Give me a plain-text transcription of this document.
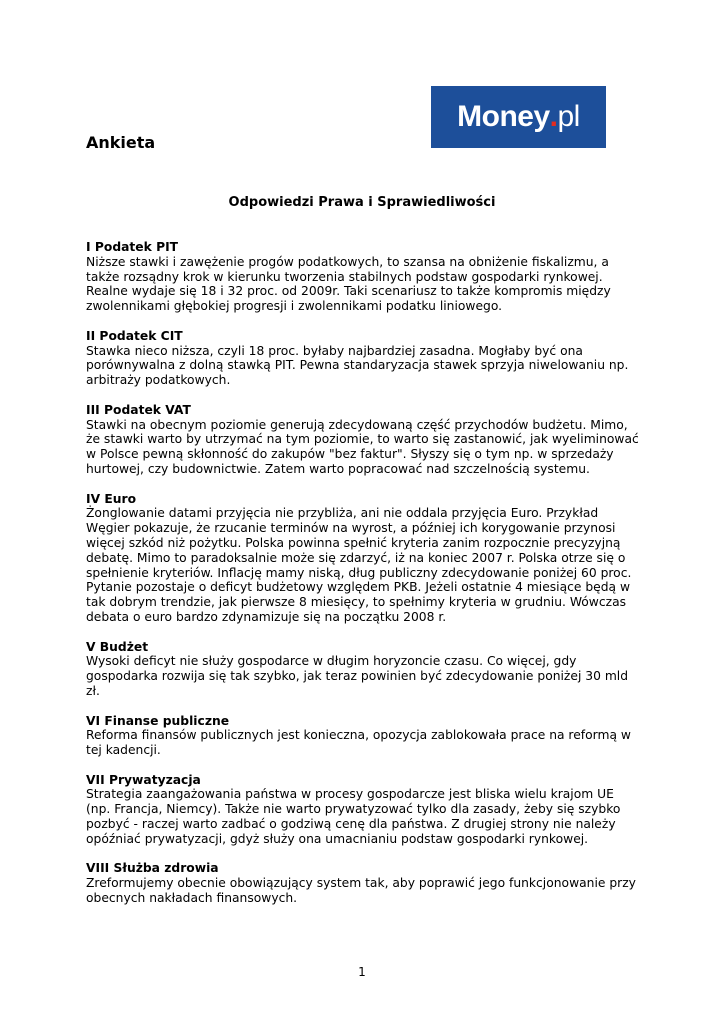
Money . pl
Ankieta
Odpowiedzi Prawa i Sprawiedliwości

I Podatek PIT

Niższe stawki i zawężenie progów podatkowych, to szansa na obniżenie fiskalizmu, a także rozsądny krok w kierunku tworzenia stabilnych podstaw gospodarki rynkowej. Realne wydaje się 18 i 32 proc. od 2009r. Taki scenariusz to także kompromis między zwolennikami głębokiej progresji i zwolennikami podatku liniowego.

II Podatek CIT

Stawka nieco niższa, czyli 18 proc. byłaby najbardziej zasadna. Mogłaby być ona porównywalna z dolną stawką PIT. Pewna standaryzacja stawek sprzyja niwelowaniu np. arbitraży podatkowych.

III Podatek VAT

Stawki na obecnym poziomie generują zdecydowaną część przychodów budżetu. Mimo, że stawki warto by utrzymać na tym poziomie, to warto się zastanowić, jak wyeliminować w Polsce pewną skłonność do zakupów "bez faktur". Słyszy się o tym np. w sprzedaży hurtowej, czy budownictwie. Zatem warto popracować nad szczelnością systemu.

IV Euro

Żonglowanie datami przyjęcia nie przybliża, ani nie oddala przyjęcia Euro. Przykład Węgier pokazuje, że rzucanie terminów na wyrost, a później ich korygowanie przynosi więcej szkód niż pożytku. Polska powinna spełnić kryteria zanim rozpocznie precyzyjną debatę. Mimo to paradoksalnie może się zdarzyć, iż na koniec 2007 r. Polska otrze się o spełnienie kryteriów. Inflację mamy niską, dług publiczny zdecydowanie poniżej 60 proc. Pytanie pozostaje o deficyt budżetowy względem PKB. Jeżeli ostatnie 4 miesiące będą w tak dobrym trendzie, jak pierwsze 8 miesięcy, to spełnimy kryteria w grudniu. Wówczas debata o euro bardzo zdynamizuje się na początku 2008 r.

V Budżet

Wysoki deficyt nie służy gospodarce w długim horyzoncie czasu. Co więcej, gdy gospodarka rozwija się tak szybko, jak teraz powinien być zdecydowanie poniżej 30 mld zł.

VI Finanse publiczne

Reforma finansów publicznych jest konieczna, opozycja zablokowała prace na reformą w tej kadencji.

VII Prywatyzacja

Strategia zaangażowania państwa w procesy gospodarcze jest bliska wielu krajom UE (np. Francja, Niemcy). Także nie warto prywatyzować tylko dla zasady, żeby się szybko pozbyć - raczej warto zadbać o godziwą cenę dla państwa. Z drugiej strony nie należy opóźniać prywatyzacji, gdyż służy ona umacnianiu podstaw gospodarki rynkowej.

VIII Służba zdrowia

Zreformujemy obecnie obowiązujący system tak, aby poprawić jego funkcjonowanie przy obecnych nakładach finansowych.

1
